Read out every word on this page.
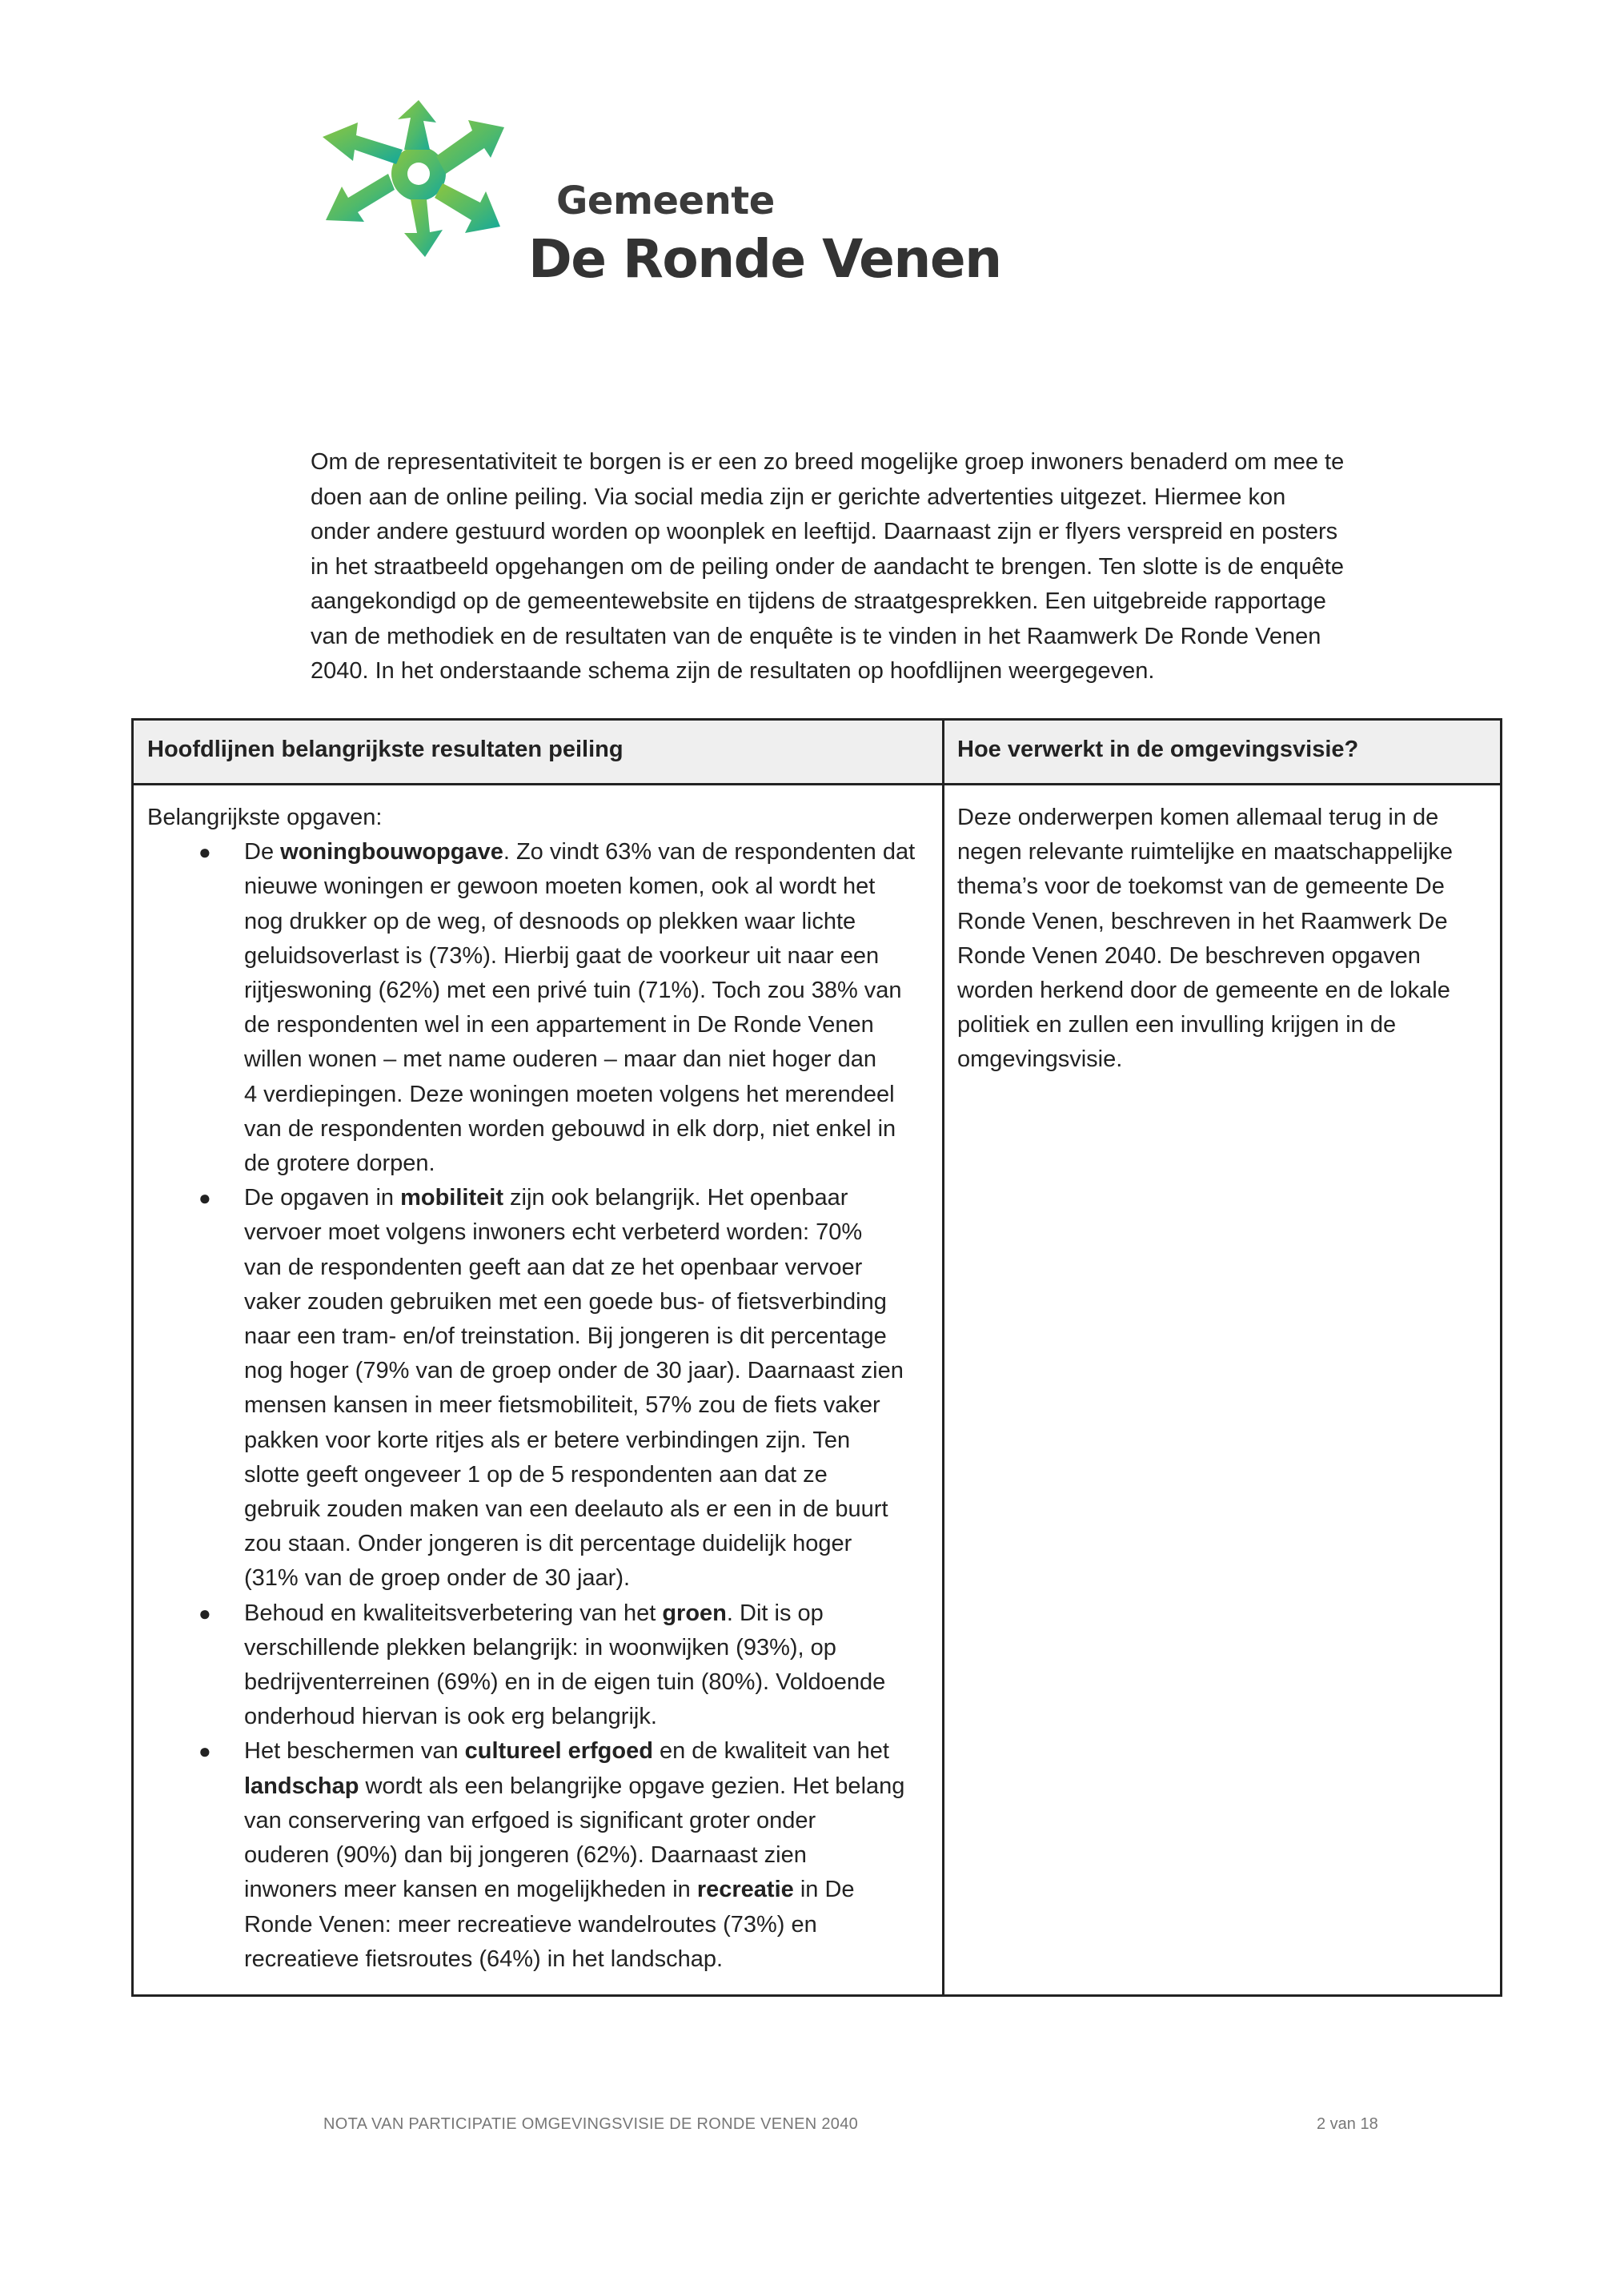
Gemeente
De Ronde Venen
Om de representativiteit te borgen is er een zo breed mogelijke groep inwoners benaderd om mee te
doen aan de online peiling. Via social media zijn er gerichte advertenties uitgezet. Hiermee kon
onder andere gestuurd worden op woonplek en leeftijd. Daarnaast zijn er flyers verspreid en posters
in het straatbeeld opgehangen om de peiling onder de aandacht te brengen. Ten slotte is de enquête
aangekondigd op de gemeentewebsite en tijdens de straatgesprekken. Een uitgebreide rapportage
van de methodiek en de resultaten van de enquête is te vinden in het Raamwerk De Ronde Venen
2040. In het onderstaande schema zijn de resultaten op hoofdlijnen weergegeven.
Hoofdlijnen belangrijkste resultaten peiling	Hoe verwerkt in de omgevingsvisie?
Belangrijkste opgaven:
● De woningbouwopgave. Zo vindt 63% van de respondenten dat
nieuwe woningen er gewoon moeten komen, ook al wordt het
nog drukker op de weg, of desnoods op plekken waar lichte
geluidsoverlast is (73%). Hierbij gaat de voorkeur uit naar een
rijtjeswoning (62%) met een privé tuin (71%). Toch zou 38% van
de respondenten wel in een appartement in De Ronde Venen
willen wonen – met name ouderen – maar dan niet hoger dan
4 verdiepingen. Deze woningen moeten volgens het merendeel
van de respondenten worden gebouwd in elk dorp, niet enkel in
de grotere dorpen.
● De opgaven in mobiliteit zijn ook belangrijk. Het openbaar
vervoer moet volgens inwoners echt verbeterd worden: 70%
van de respondenten geeft aan dat ze het openbaar vervoer
vaker zouden gebruiken met een goede bus- of fietsverbinding
naar een tram- en/of treinstation. Bij jongeren is dit percentage
nog hoger (79% van de groep onder de 30 jaar). Daarnaast zien
mensen kansen in meer fietsmobiliteit, 57% zou de fiets vaker
pakken voor korte ritjes als er betere verbindingen zijn. Ten
slotte geeft ongeveer 1 op de 5 respondenten aan dat ze
gebruik zouden maken van een deelauto als er een in de buurt
zou staan. Onder jongeren is dit percentage duidelijk hoger
(31% van de groep onder de 30 jaar).
● Behoud en kwaliteitsverbetering van het groen. Dit is op
verschillende plekken belangrijk: in woonwijken (93%), op
bedrijventerreinen (69%) en in de eigen tuin (80%). Voldoende
onderhoud hiervan is ook erg belangrijk.
● Het beschermen van cultureel erfgoed en de kwaliteit van het
landschap wordt als een belangrijke opgave gezien. Het belang
van conservering van erfgoed is significant groter onder
ouderen (90%) dan bij jongeren (62%). Daarnaast zien
inwoners meer kansen en mogelijkheden in recreatie in De
Ronde Venen: meer recreatieve wandelroutes (73%) en
recreatieve fietsroutes (64%) in het landschap.
Deze onderwerpen komen allemaal terug in de
negen relevante ruimtelijke en maatschappelijke
thema’s voor de toekomst van de gemeente De
Ronde Venen, beschreven in het Raamwerk De
Ronde Venen 2040. De beschreven opgaven
worden herkend door de gemeente en de lokale
politiek en zullen een invulling krijgen in de
omgevingsvisie.
NOTA VAN PARTICIPATIE OMGEVINGSVISIE DE RONDE VENEN 2040	2 van 18
